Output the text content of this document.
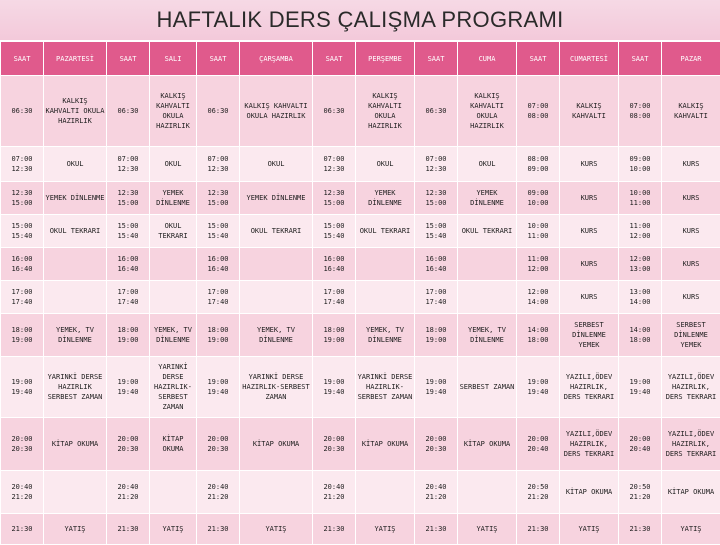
HAFTALIK DERS ÇALIŞMA PROGRAMI
SAAT	PAZARTESİ	SAAT	SALI	SAAT	ÇARŞAMBA	SAAT	PERŞEMBE	SAAT	CUMA	SAAT	CUMARTESİ	SAAT	PAZAR
06:30	KALKIŞ KAHVALTI OKULA HAZIRLIK	06:30	KALKIŞ KAHVALTI OKULA HAZIRLIK	06:30	KALKIŞ KAHVALTI OKULA HAZIRLIK	06:30	KALKIŞ KAHVALTI OKULA HAZIRLIK	06:30	KALKIŞ KAHVALTI OKULA HAZIRLIK	07:00 08:00	KALKIŞ KAHVALTI	07:00 08:00	KALKIŞ KAHVALTI
07:00 12:30	OKUL	07:00 12:30	OKUL	07:00 12:30	OKUL	07:00 12:30	OKUL	07:00 12:30	OKUL	08:00 09:00	KURS	09:00 10:00	KURS
12:30 15:00	YEMEK DİNLENME	12:30 15:00	YEMEK DİNLENME	12:30 15:00	YEMEK DİNLENME	12:30 15:00	YEMEK DİNLENME	12:30 15:00	YEMEK DİNLENME	09:00 10:00	KURS	10:00 11:00	KURS
15:00 15:40	OKUL TEKRARI	15:00 15:40	OKUL TEKRARI	15:00 15:40	OKUL TEKRARI	15:00 15:40	OKUL TEKRARI	15:00 15:40	OKUL TEKRARI	10:00 11:00	KURS	11:00 12:00	KURS
16:00 16:40		16:00 16:40		16:00 16:40		16:00 16:40		16:00 16:40		11:00 12:00	KURS	12:00 13:00	KURS
17:00 17:40		17:00 17:40		17:00 17:40		17:00 17:40		17:00 17:40		12:00 14:00	KURS	13:00 14:00	KURS
18:00 19:00	YEMEK, TV DİNLENME	18:00 19:00	YEMEK, TV DİNLENME	18:00 19:00	YEMEK, TV DİNLENME	18:00 19:00	YEMEK, TV DİNLENME	18:00 19:00	YEMEK, TV DİNLENME	14:00 18:00	SERBEST DİNLENME YEMEK	14:00 18:00	SERBEST DİNLENME YEMEK
19:00 19:40	YARINKİ DERSE HAZIRLIK SERBEST ZAMAN	19:00 19:40	YARINKİ DERSE HAZIRLIK-SERBEST ZAMAN	19:00 19:40	YARINKİ DERSE HAZIRLIK-SERBEST ZAMAN	19:00 19:40	YARINKİ DERSE HAZIRLIK-SERBEST ZAMAN	19:00 19:40	SERBEST ZAMAN	19:00 19:40	YAZILI,ÖDEV HAZIRLIK, DERS TEKRARI	19:00 19:40	YAZILI,ÖDEV HAZIRLIK, DERS TEKRARI
20:00 20:30	KİTAP OKUMA	20:00 20:30	KİTAP OKUMA	20:00 20:30	KİTAP OKUMA	20:00 20:30	KİTAP OKUMA	20:00 20:30	KİTAP OKUMA	20:00 20:40	YAZILI,ÖDEV HAZIRLIK, DERS TEKRARI	20:00 20:40	YAZILI,ÖDEV HAZIRLIK, DERS TEKRARI
20:40 21:20		20:40 21:20		20:40 21:20		20:40 21:20		20:40 21:20		20:50 21:20	KİTAP OKUMA	20:50 21:20	KİTAP OKUMA
21:30	YATIŞ	21:30	YATIŞ	21:30	YATIŞ	21:30	YATIŞ	21:30	YATIŞ	21:30	YATIŞ	21:30	YATIŞ
